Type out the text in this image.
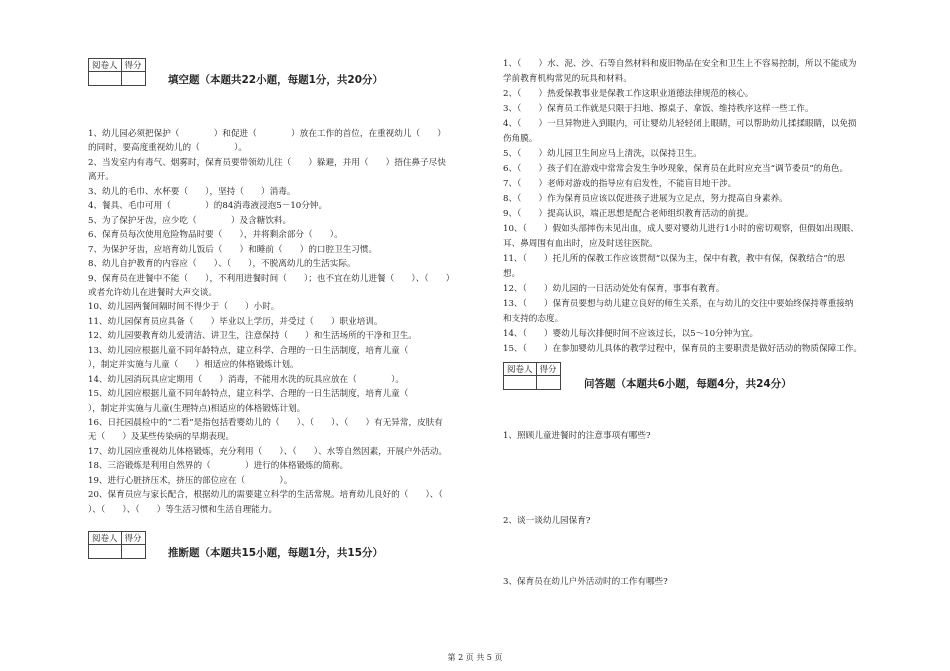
阅卷人	得分

填空题（本题共22小题，每题1分，共20分）
1、幼儿园必须把保护（　　　　）和促进（　　　　）放在工作的首位，在重视幼儿（　　）
的同时，要高度重视幼儿的（　　　　）。
2、当发室内有毒气、烟雾时，保育员要带领幼儿往（　　）躲避，并用（　　）捂住鼻子尽快
离开。
3、幼儿的毛巾、水杯要（　　），坚持（　　）消毒。
4、餐具、毛巾可用（　　　　）的84消毒液浸泡5－10分钟。
5、为了保护牙齿，应少吃（　　　　）及含糖饮料。
6、保育员每次使用危险物品时要（　　），并将剩余部分（　　）。
7、为保护牙齿，应培育幼儿饭后（　　）和睡前（　　）的口腔卫生习惯。
8、幼儿自护教育的内容应（　　）、（　　），不脱离幼儿的生活实际。
9、保育员在进餐中不能（　　），不利用进餐时间（　　）；也不宜在幼儿进餐（　　）、（　　）
或者允许幼儿在进餐时大声交谈。
10、幼儿园两餐间隔时间不得少于（　　）小时。
11、幼儿园保育员应具备（　　）毕业以上学历，并受过（　　）职业培训。
12、幼儿园要教育幼儿爱清洁、讲卫生，注意保持（　　）和生活场所的干净和卫生。
13、幼儿园应根据儿童不同年龄特点，建立科学、合理的一日生活制度，培育儿童（　　
），制定并实施与儿童（　　）相适应的体格锻炼计划。
14、幼儿园消玩具应定期用（　　）消毒，不能用水洗的玩具应放在（　　　　）。
15、幼儿园应根据儿童不同年龄特点，建立科学、合理的一日生活制度，培育儿童（
），制定并实施与儿童(生理特点)相适应的体格锻炼计划。
16、日托园晨检中的“二看”是指包括看婴幼儿的（　　）、（　　）、（　　）有无异常，皮肤有
无（　　）及某些传染病的早期表现。
17、幼儿园应重视幼儿体格锻炼，充分利用（　　）、（　　）、水等自然因素，开展户外活动。
18、三浴锻炼是利用自然界的（　　　　）进行的体格锻炼的简称。
19、进行心脏挤压术，挤压的部位应在（　　　　）。
20、保育员应与家长配合，根据幼儿的需要建立科学的生活常规。培育幼儿良好的（　　）、（　　
）、（　　）、（　　）等生活习惯和生活自理能力。
阅卷人	得分

推断题（本题共15小题，每题1分，共15分）
1、（　　）水、泥、沙、石等自然材料和废旧物品在安全和卫生上不容易控制，所以不能成为
学前教育机构常见的玩具和材料。
2、（　　）热爱保教事业是保教工作这职业道德法律规范的核心。
3、（　　）保育员工作就是只限于扫地、擦桌子、拿饭、维持秩序这样一些工作。
4、（　　）一旦异物进入到眼内，可让婴幼儿轻轻闭上眼睛，可以帮助幼儿揉揉眼睛，以免损
伤角膜。
5、（　　）幼儿园卫生间应马上清洗，以保持卫生。
6、（　　）孩子们在游戏中常常会发生争吵现象，保育员在此时应充当“调节委员”的角色。
7、（　　）老师对游戏的指导应有启发性，不能盲目地干涉。
8、（　　）作为保育员应该以促进孩子进展为立足点，努力提高自身素养。
9、（　　）提高认识，端正思想是配合老师组织教育活动的前提。
10、（　　）假如头部摔伤未见出血，成人要对婴幼儿进行1小时的密切观察，但假如出现眼、
耳、鼻周围有血出时，应及时送往医院。
11、（　　）托儿所的保教工作应该贯彻“以保为主，保中有教，教中有保，保教结合”的思
想。
12、（　　）幼儿园的一日活动处处有保育，事事有教育。
13、（　　）保育员要想与幼儿建立良好的师生关系，在与幼儿的交往中要始终保持尊重接纳
和支持的态度。
14、（　　）婴幼儿每次排便时间不应该过长，以5～10分钟为宜。
15、（　　）在参加婴幼儿具体的教学过程中，保育员的主要职责是做好活动的物质保障工作。
阅卷人	得分

问答题（本题共6小题，每题4分，共24分）
1、照顾儿童进餐时的注意事项有哪些?
2、谈一谈幼儿园保育?
3、保育员在幼儿户外活动时的工作有哪些?
第 2 页 共 5 页
